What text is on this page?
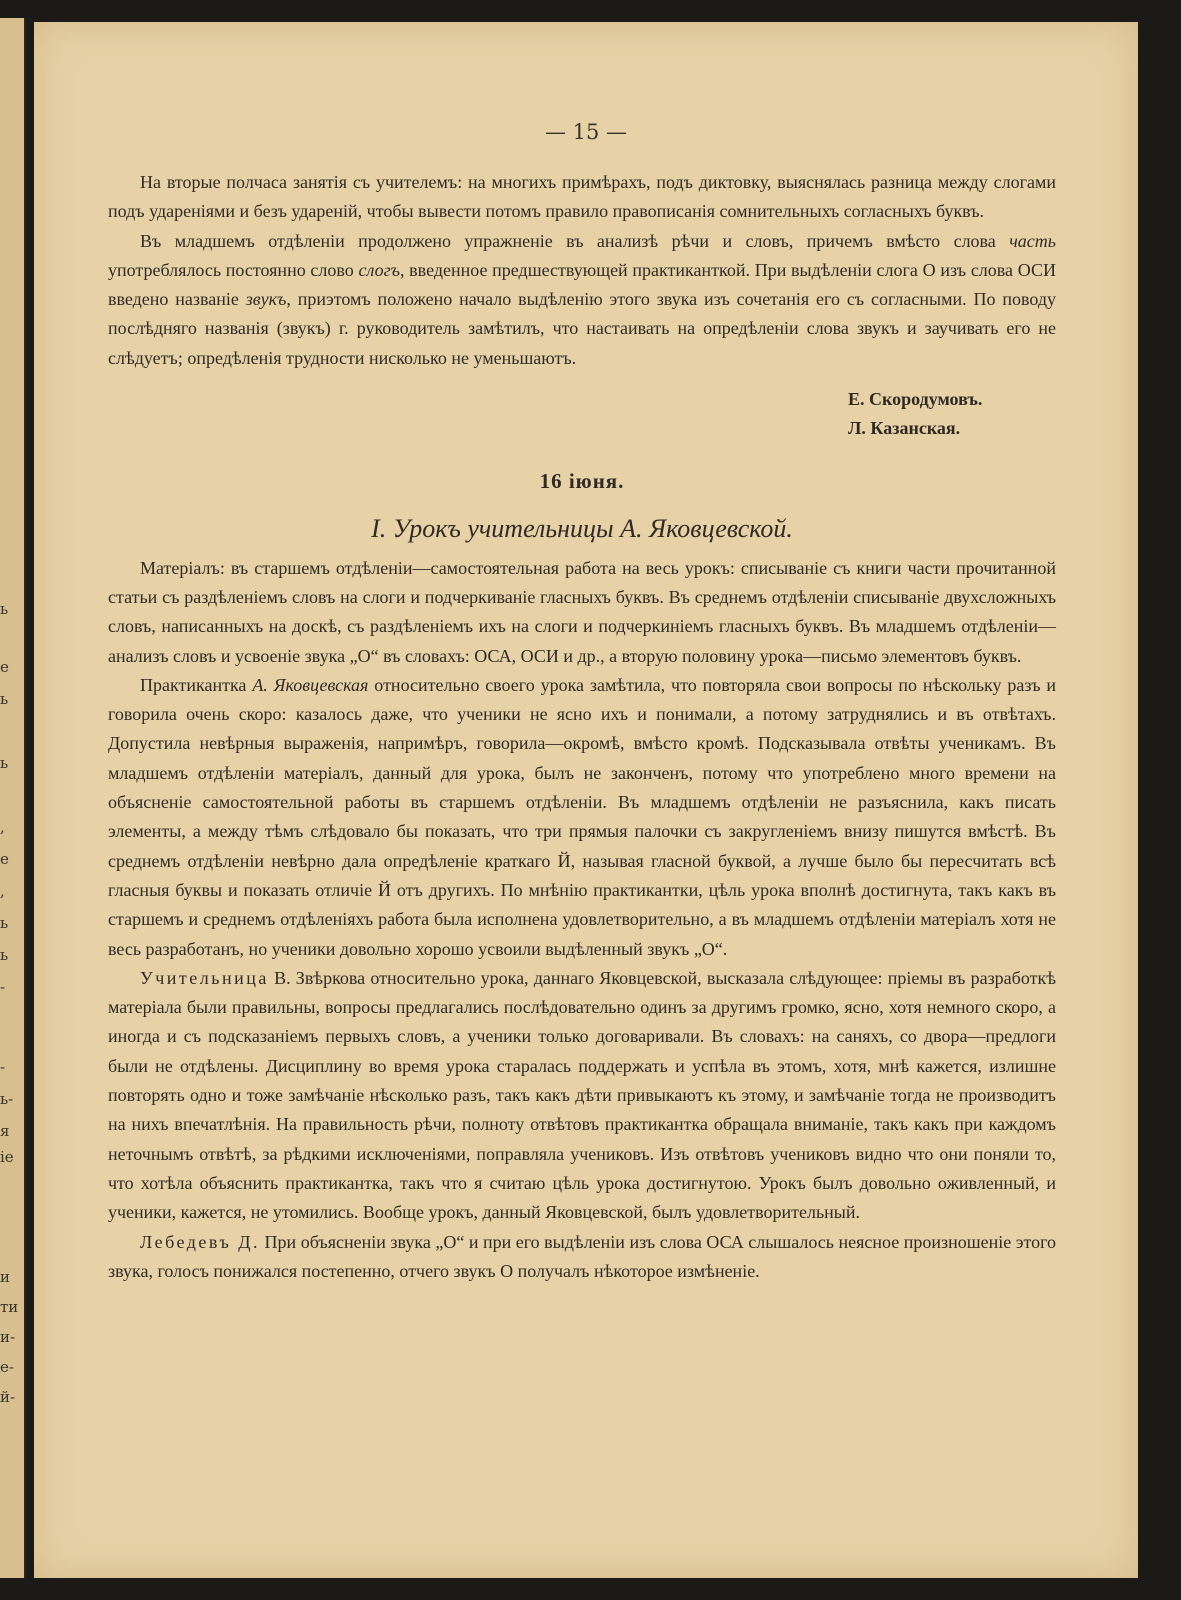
ь
е
ь
ь
,
е
,
ь
ь
-
-
ь-
я
іе
и
ти
и-
е-
й-
— 15 —

На вторые полчаса занятія съ учителемъ: на многихъ примѣрахъ, подъ диктовку, выяснялась разница между слогами подъ удареніями и безъ удареній, чтобы вывести потомъ правило правописанія сомнительныхъ согласныхъ буквъ.

Въ младшемъ отдѣленіи продолжено упражненіе въ анализѣ рѣчи и словъ, причемъ вмѣсто слова часть употреблялось постоянно слово слогъ, введенное предшествующей практиканткой. При выдѣленіи слога О изъ слова ОСИ введено названіе звукъ, приэтомъ положено начало выдѣленію этого звука изъ сочетанія его съ согласными. По поводу послѣдняго названія (звукъ) г. руководитель замѣтилъ, что настаивать на опредѣленіи слова звукъ и заучивать его не слѣдуетъ; опредѣленія трудности нисколько не уменьшаютъ.

Е. Скородумовъ.
Л. Казанская.
16 іюня.
I. Урокъ учительницы А. Яковцевской.

Матеріалъ: въ старшемъ отдѣленіи—самостоятельная работа на весь урокъ: списываніе съ книги части прочитанной статьи съ раздѣленіемъ словъ на слоги и подчеркиваніе гласныхъ буквъ. Въ среднемъ отдѣленіи списываніе двухсложныхъ словъ, написанныхъ на доскѣ, съ раздѣленіемъ ихъ на слоги и подчеркиніемъ гласныхъ буквъ. Въ младшемъ отдѣленіи—анализъ словъ и усвоеніе звука „О“ въ словахъ: ОСА, ОСИ и др., а вторую половину урока—письмо элементовъ буквъ.

Практикантка А. Яковцевская относительно своего урока замѣтила, что повторяла свои вопросы по нѣскольку разъ и говорила очень скоро: казалось даже, что ученики не ясно ихъ и понимали, а потому затруднялись и въ отвѣтахъ. Допустила невѣрныя выраженія, напримѣръ, говорила—окромѣ, вмѣсто кромѣ. Подсказывала отвѣты ученикамъ. Въ младшемъ отдѣленіи матеріалъ, данный для урока, былъ не законченъ, потому что употреблено много времени на объясненіе самостоятельной работы въ старшемъ отдѣленіи. Въ младшемъ отдѣленіи не разъяснила, какъ писать элементы, а между тѣмъ слѣдовало бы показать, что три прямыя палочки съ закругленіемъ внизу пишутся вмѣстѣ. Въ среднемъ отдѣленіи невѣрно дала опредѣленіе краткаго Й, называя гласной буквой, а лучше было бы пересчитать всѣ гласныя буквы и показать отличіе Й отъ другихъ. По мнѣнію практикантки, цѣль урока вполнѣ достигнута, такъ какъ въ старшемъ и среднемъ отдѣленіяхъ работа была исполнена удовлетворительно, а въ младшемъ отдѣленіи матеріалъ хотя не весь разработанъ, но ученики довольно хорошо усвоили выдѣленный звукъ „О“.

Учительница В. Звѣркова относительно урока, даннаго Яковцевской, высказала слѣдующее: пріемы въ разработкѣ матеріала были правильны, вопросы предлагались послѣдовательно одинъ за другимъ громко, ясно, хотя немного скоро, а иногда и съ подсказаніемъ первыхъ словъ, а ученики только договаривали. Въ словахъ: на саняхъ, со двора—предлоги были не отдѣлены. Дисциплину во время урока старалась поддержать и успѣла въ этомъ, хотя, мнѣ кажется, излишне повторять одно и тоже замѣчаніе нѣсколько разъ, такъ какъ дѣти привыкаютъ къ этому, и замѣчаніе тогда не производитъ на нихъ впечатлѣнія. На правильность рѣчи, полноту отвѣтовъ практикантка обращала вниманіе, такъ какъ при каждомъ неточнымъ отвѣтѣ, за рѣдкими исключеніями, поправляла учениковъ. Изъ отвѣтовъ учениковъ видно что они поняли то, что хотѣла объяснить практикантка, такъ что я считаю цѣль урока достигнутою. Урокъ былъ довольно оживленный, и ученики, кажется, не утомились. Вообще урокъ, данный Яковцевской, былъ удовлетворительный.

Лебедевъ Д. При объясненіи звука „О“ и при его выдѣленіи изъ слова ОСА слышалось неясное произношеніе этого звука, голосъ понижался постепенно, отчего звукъ О получалъ нѣкоторое измѣненіе.
